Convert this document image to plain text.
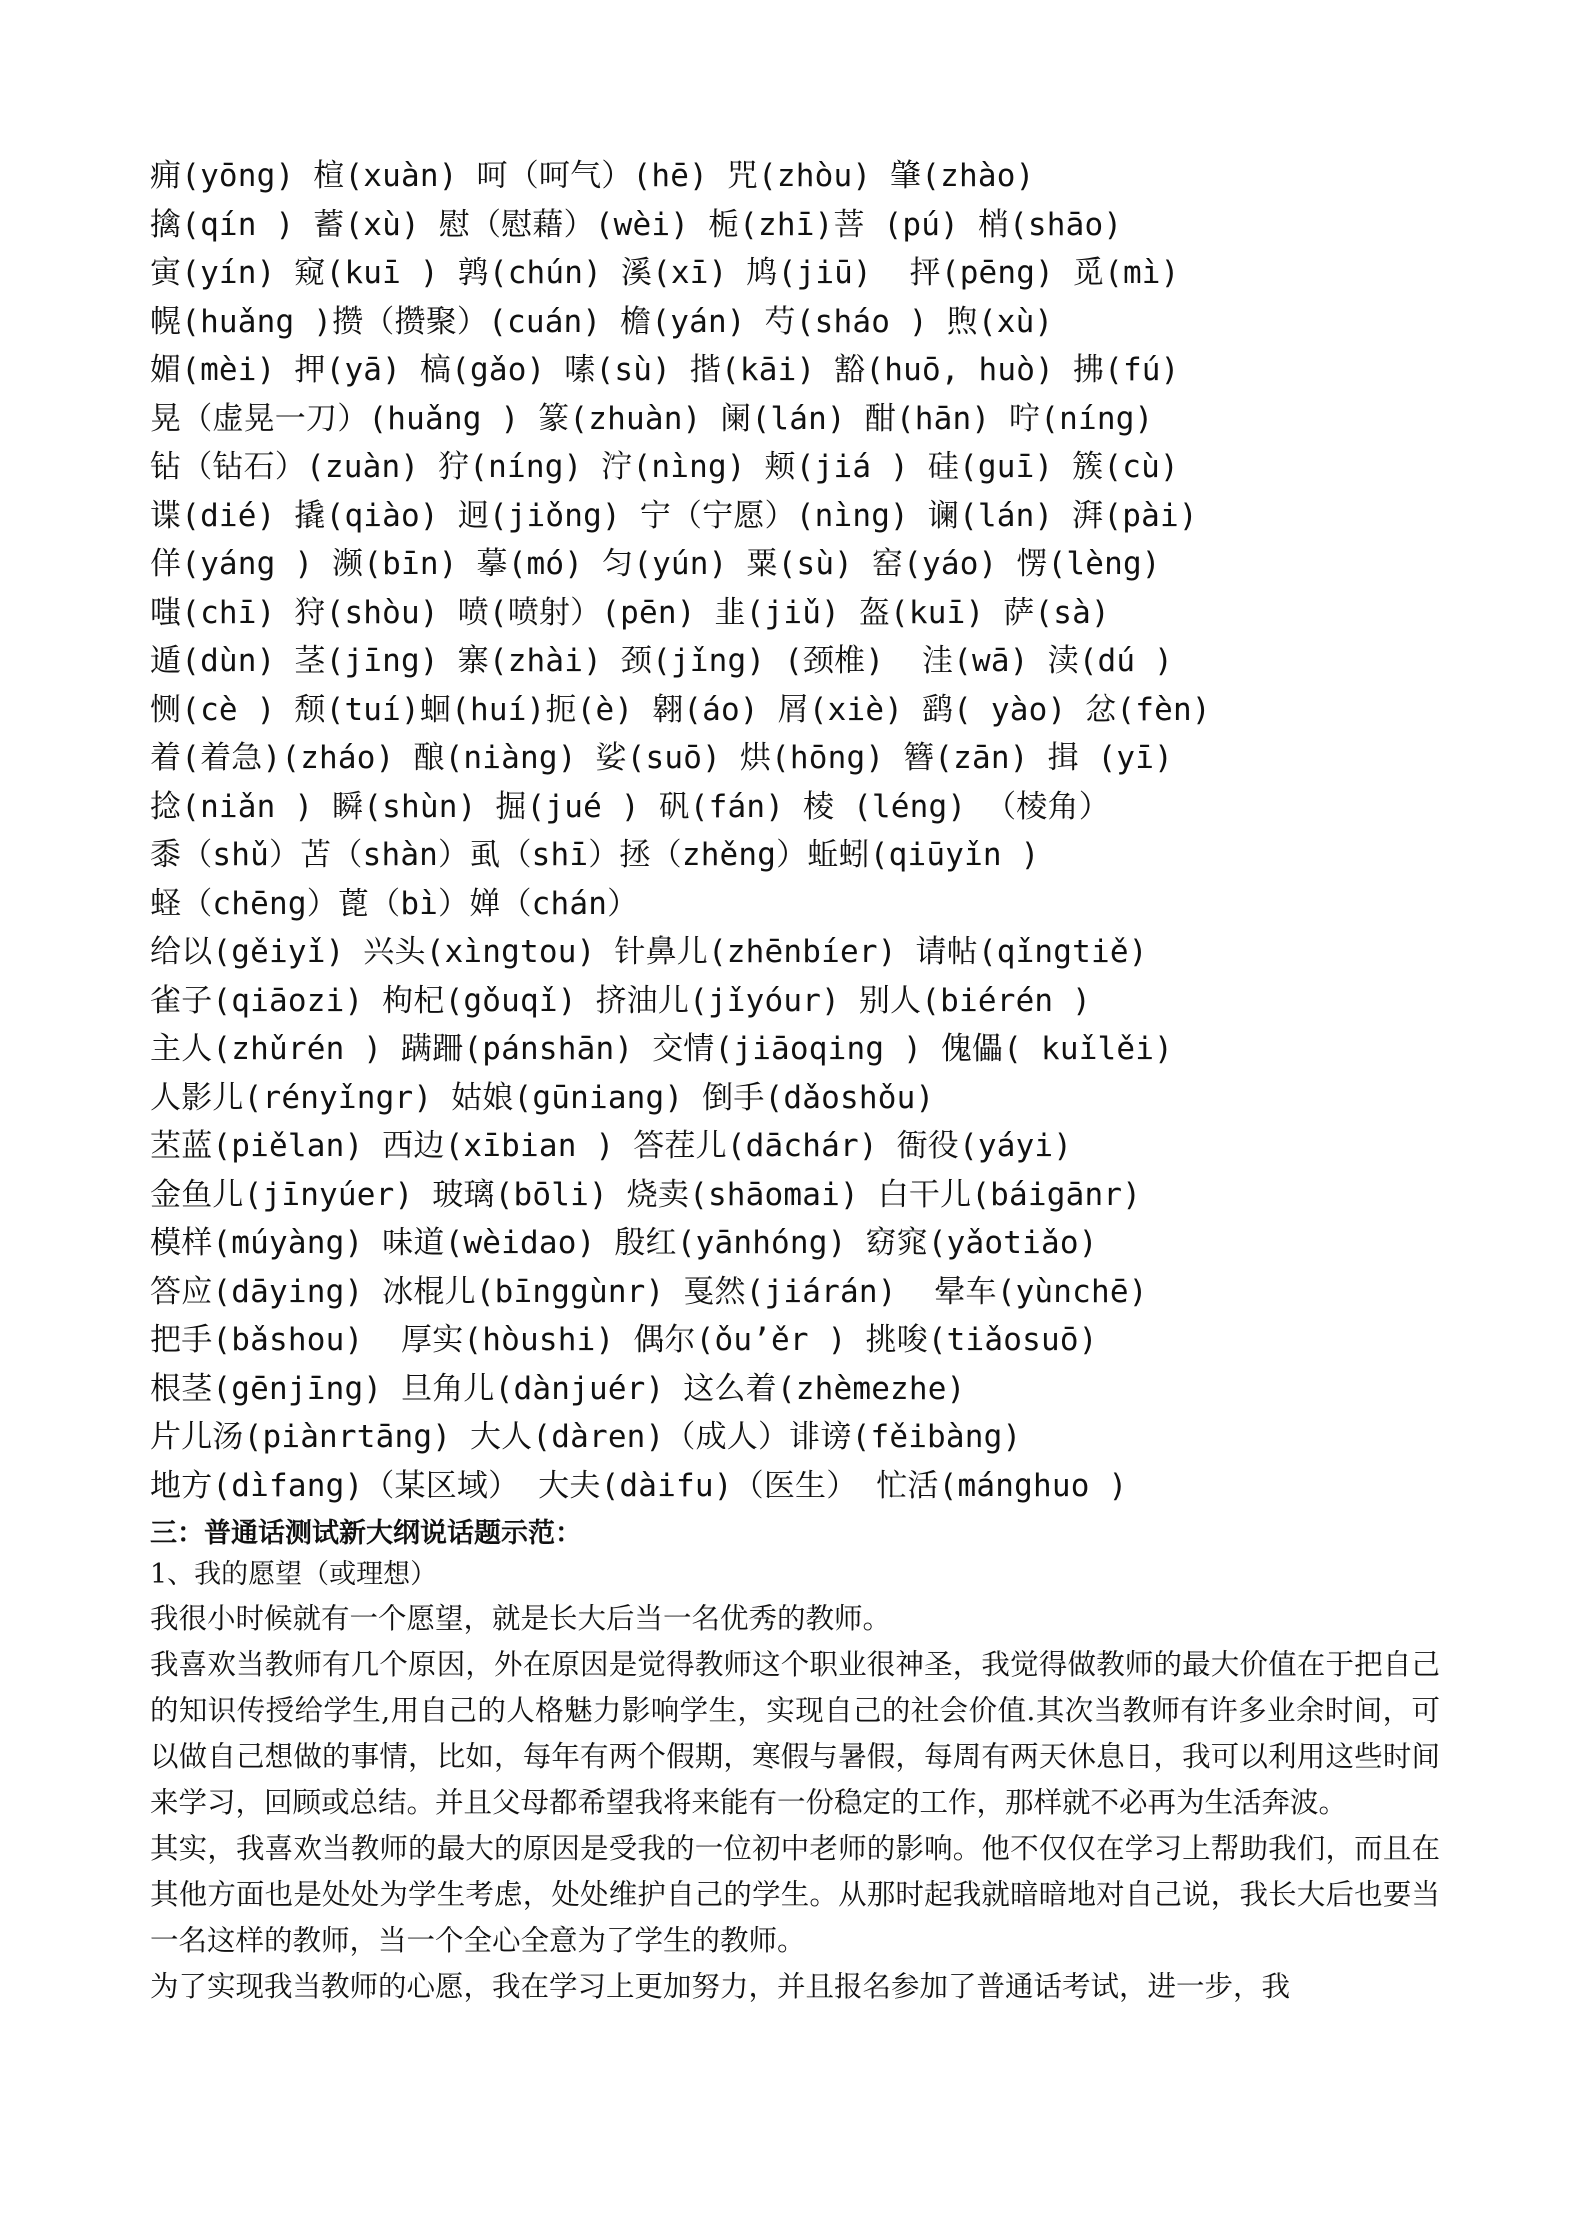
痈(yōng) 楦(xuàn) 呵（呵气）(hē) 咒(zhòu) 肇(zhào)
擒(qín ) 蓄(xù) 慰（慰藉）(wèi) 栀(zhī)菩 (pú) 梢(shāo)
寅(yín) 窥(kuī ) 鹑(chún) 溪(xī) 鸠(jiū)  抨(pēng) 觅(mì)
幌(huǎng )攒（攒聚）(cuán) 檐(yán) 芍(sháo ) 煦(xù)
媚(mèi) 押(yā) 槁(gǎo) 嗉(sù) 揩(kāi) 豁(huō, huò) 拂(fú)
晃（虚晃一刀）(huǎng ) 篆(zhuàn) 阑(lán) 酣(hān) 咛(níng)
钻（钻石）(zuàn) 狞(níng) 泞(nìng) 颊(jiá ) 硅(guī) 簇(cù)
谍(dié) 撬(qiào) 迥(jiǒng) 宁（宁愿）(nìng) 谰(lán) 湃(pài)
佯(yáng ) 濒(bīn) 摹(mó) 匀(yún) 粟(sù) 窑(yáo) 愣(lèng)
嗤(chī) 狩(shòu) 喷(喷射）(pēn) 韭(jiǔ) 盔(kuī) 萨(sà)
遁(dùn) 茎(jīng) 寨(zhài) 颈(jǐng) (颈椎)  洼(wā) 渎(dú )
恻(cè ) 颓(tuí)蛔(huí)扼(è) 翱(áo) 屑(xiè) 鹞( yào) 忿(fèn)
着(着急)(zháo) 酿(niàng) 娑(suō) 烘(hōng) 簪(zān) 揖 (yī)
捻(niǎn ) 瞬(shùn) 掘(jué ) 矾(fán) 棱 (léng) （棱角）
黍（shǔ）苫（shàn）虱（shī）拯（zhěng）蚯蚓(qiūyǐn )
蛏（chēng）蓖（bì）婵（chán）
给以(gěiyǐ) 兴头(xìngtou) 针鼻儿(zhēnbíer) 请帖(qǐngtiě)
雀子(qiāozi) 枸杞(gǒuqǐ) 挤油儿(jǐyóur) 别人(biérén )
主人(zhǔrén ) 蹒跚(pánshān) 交情(jiāoqing ) 傀儡( kuǐlěi)
人影儿(rényǐngr) 姑娘(gūniang) 倒手(dǎoshǒu)
苤蓝(piělan) 西边(xībian ) 答茬儿(dāchár) 衙役(yáyi)
金鱼儿(jīnyúer) 玻璃(bōli) 烧卖(shāomai) 白干儿(báigānr)
模样(múyàng) 味道(wèidao) 殷红(yānhóng) 窈窕(yǎotiǎo)
答应(dāying) 冰棍儿(bīnggùnr) 戛然(jiárán)  晕车(yùnchē)
把手(bǎshou)  厚实(hòushi) 偶尔(ǒu’ěr ) 挑唆(tiǎosuō)
根茎(gēnjīng) 旦角儿(dànjuér) 这么着(zhèmezhe)
片儿汤(piànrtāng) 大人(dàren)（成人）诽谤(fěibàng)
地方(dìfang)（某区域） 大夫(dàifu)（医生） 忙活(mánghuo )
三：普通话测试新大纲说话题示范：
1、我的愿望（或理想）

我很小时候就有一个愿望，就是长大后当一名优秀的教师。

我喜欢当教师有几个原因，外在原因是觉得教师这个职业很神圣，我觉得做教师的最大价值在于把自己的知识传授给学生,用自己的人格魅力影响学生，实现自己的社会价值.其次当教师有许多业余时间，可以做自己想做的事情，比如，每年有两个假期，寒假与暑假，每周有两天休息日，我可以利用这些时间来学习，回顾或总结。并且父母都希望我将来能有一份稳定的工作，那样就不必再为生活奔波。

其实，我喜欢当教师的最大的原因是受我的一位初中老师的影响。他不仅仅在学习上帮助我们，而且在其他方面也是处处为学生考虑，处处维护自己的学生。从那时起我就暗暗地对自己说，我长大后也要当一名这样的教师，当一个全心全意为了学生的教师。

为了实现我当教师的心愿，我在学习上更加努力，并且报名参加了普通话考试，进一步，我
